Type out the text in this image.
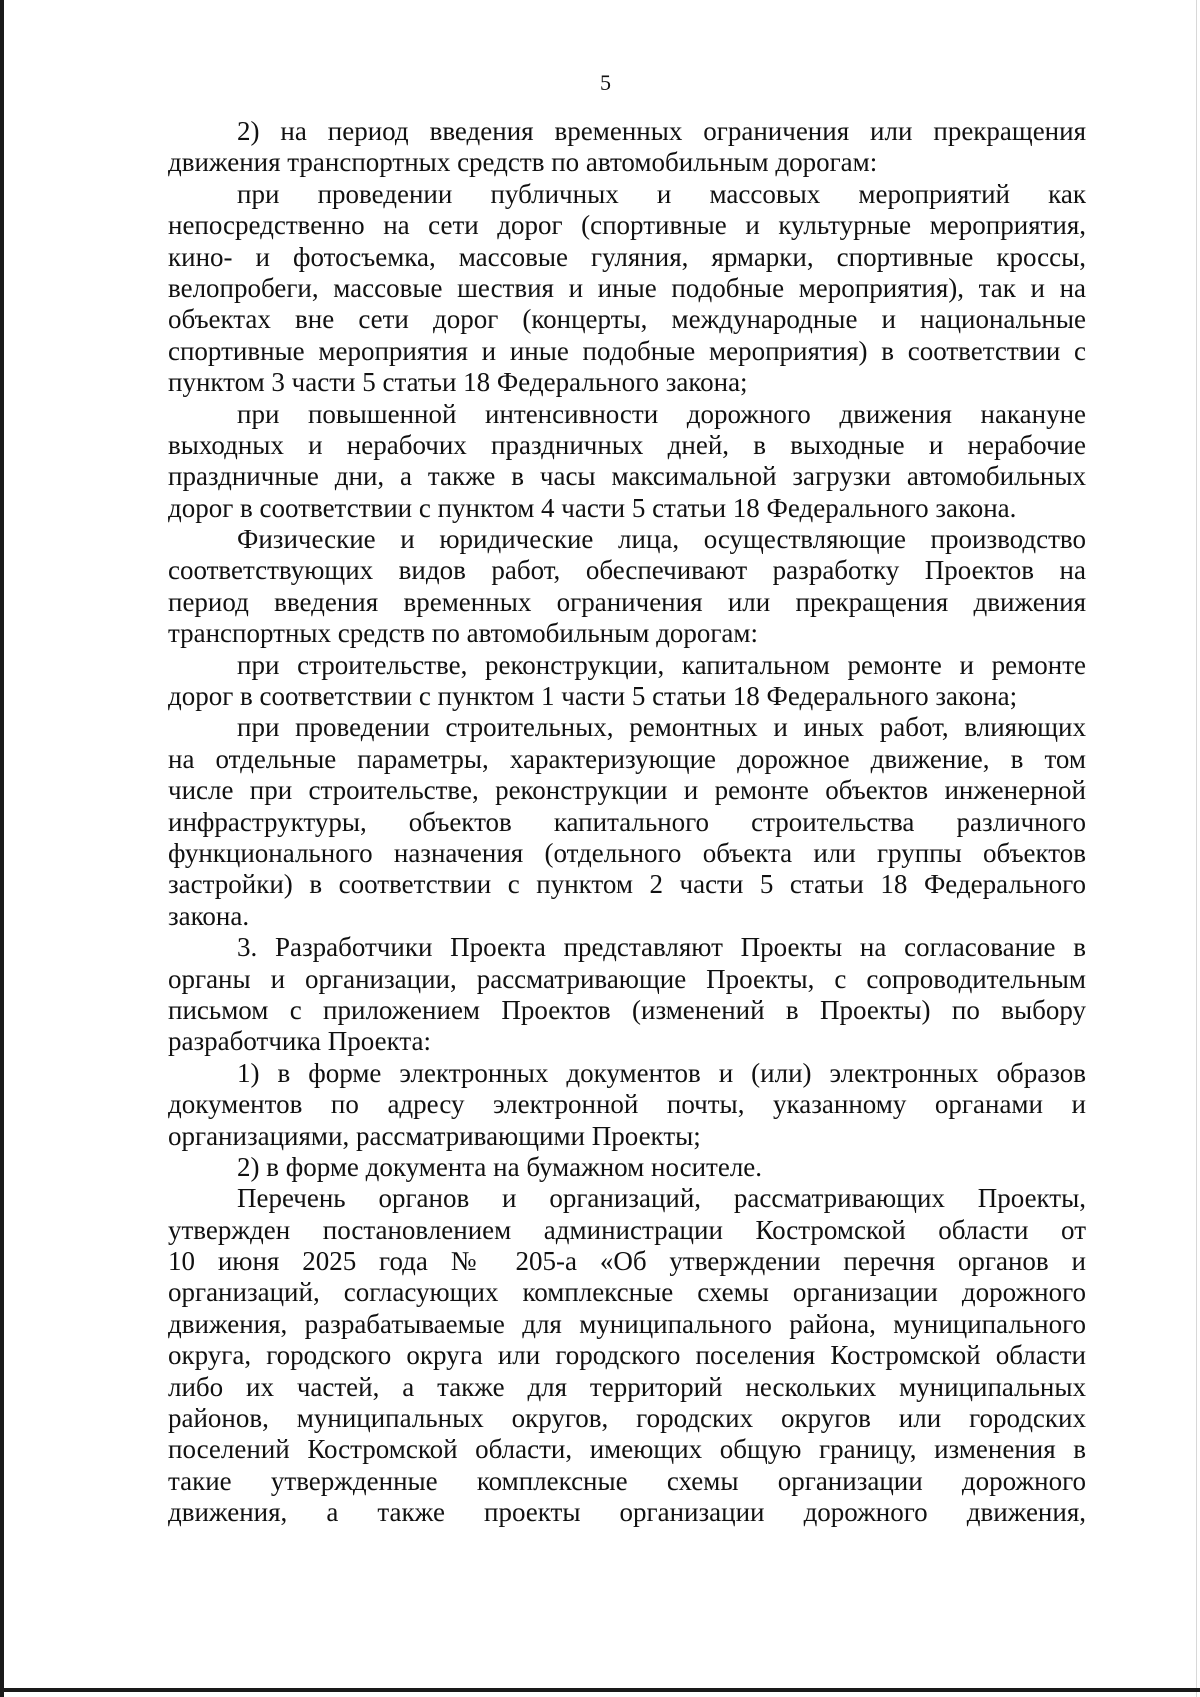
5
2) на период введения временных ограничения или прекращения
движения транспортных средств по автомобильным дорогам:
при проведении публичных и массовых мероприятий как
непосредственно на сети дорог (спортивные и культурные мероприятия,
кино- и фотосъемка, массовые гуляния, ярмарки, спортивные кроссы,
велопробеги, массовые шествия и иные подобные мероприятия), так и на
объектах вне сети дорог (концерты, международные и национальные
спортивные мероприятия и иные подобные мероприятия) в соответствии с
пунктом 3 части 5 статьи 18 Федерального закона;
при повышенной интенсивности дорожного движения накануне
выходных и нерабочих праздничных дней, в выходные и нерабочие
праздничные дни, а также в часы максимальной загрузки автомобильных
дорог в соответствии с пунктом 4 части 5 статьи 18 Федерального закона.
Физические и юридические лица, осуществляющие производство
соответствующих видов работ, обеспечивают разработку Проектов на
период введения временных ограничения или прекращения движения
транспортных средств по автомобильным дорогам:
при строительстве, реконструкции, капитальном ремонте и ремонте
дорог в соответствии с пунктом 1 части 5 статьи 18 Федерального закона;
при проведении строительных, ремонтных и иных работ, влияющих
на отдельные параметры, характеризующие дорожное движение, в том
числе при строительстве, реконструкции и ремонте объектов инженерной
инфраструктуры, объектов капитального строительства различного
функционального назначения (отдельного объекта или группы объектов
застройки) в соответствии с пунктом 2 части 5 статьи 18 Федерального
закона.
3. Разработчики Проекта представляют Проекты на согласование в
органы и организации, рассматривающие Проекты, с сопроводительным
письмом с приложением Проектов (изменений в Проекты) по выбору
разработчика Проекта:
1) в форме электронных документов и (или) электронных образов
документов по адресу электронной почты, указанному органами и
организациями, рассматривающими Проекты;
2) в форме документа на бумажном носителе.
Перечень органов и организаций, рассматривающих Проекты,
утвержден постановлением администрации Костромской области от
10 июня 2025 года № 205-а «Об утверждении перечня органов и
организаций, согласующих комплексные схемы организации дорожного
движения, разрабатываемые для муниципального района, муниципального
округа, городского округа или городского поселения Костромской области
либо их частей, а также для территорий нескольких муниципальных
районов, муниципальных округов, городских округов или городских
поселений Костромской области, имеющих общую границу, изменения в
такие утвержденные комплексные схемы организации дорожного
движения, а также проекты организации дорожного движения,
